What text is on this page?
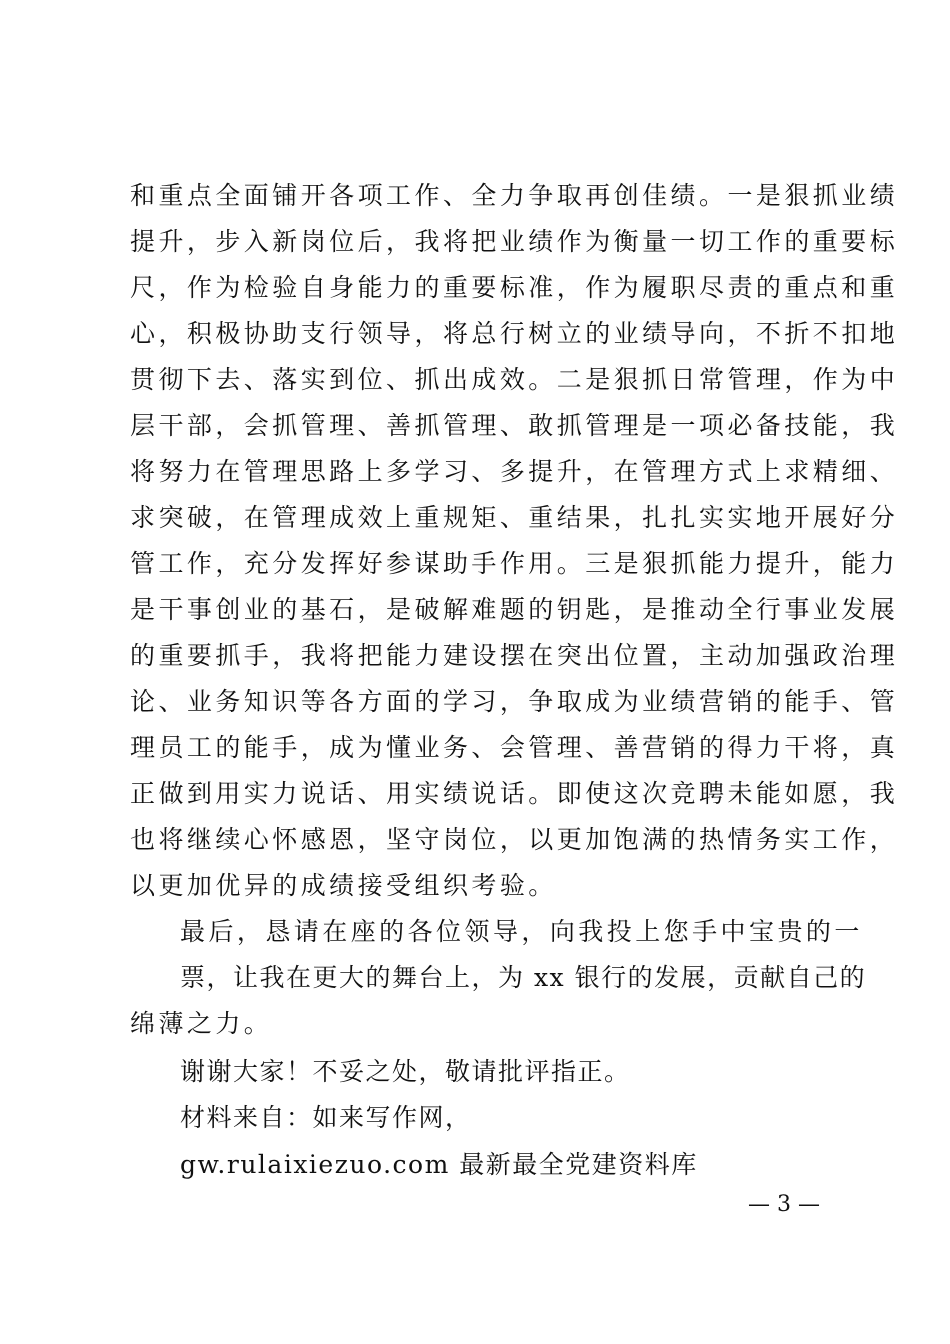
和重点全面铺开各项工作、全力争取再创佳绩。一是狠抓业绩
提升，步入新岗位后，我将把业绩作为衡量一切工作的重要标
尺，作为检验自身能力的重要标准，作为履职尽责的重点和重
心，积极协助支行领导，将总行树立的业绩导向，不折不扣地
贯彻下去、落实到位、抓出成效。二是狠抓日常管理，作为中
层干部，会抓管理、善抓管理、敢抓管理是一项必备技能，我
将努力在管理思路上多学习、多提升，在管理方式上求精细、
求突破，在管理成效上重规矩、重结果，扎扎实实地开展好分
管工作，充分发挥好参谋助手作用。三是狠抓能力提升，能力
是干事创业的基石，是破解难题的钥匙，是推动全行事业发展
的重要抓手，我将把能力建设摆在突出位置，主动加强政治理
论、业务知识等各方面的学习，争取成为业绩营销的能手、管
理员工的能手，成为懂业务、会管理、善营销的得力干将，真
正做到用实力说话、用实绩说话。即使这次竞聘未能如愿，我
也将继续心怀感恩，坚守岗位，以更加饱满的热情务实工作，
以更加优异的成绩接受组织考验。
最后，恳请在座的各位领导，向我投上您手中宝贵的一
票，让我在更大的舞台上，为 xx 银行的发展，贡献自己的
绵薄之力。
谢谢大家！不妥之处，敬请批评指正。
材料来自：如来写作网，
gw.rulaixiezuo.com 最新最全党建资料库
— 3 —
